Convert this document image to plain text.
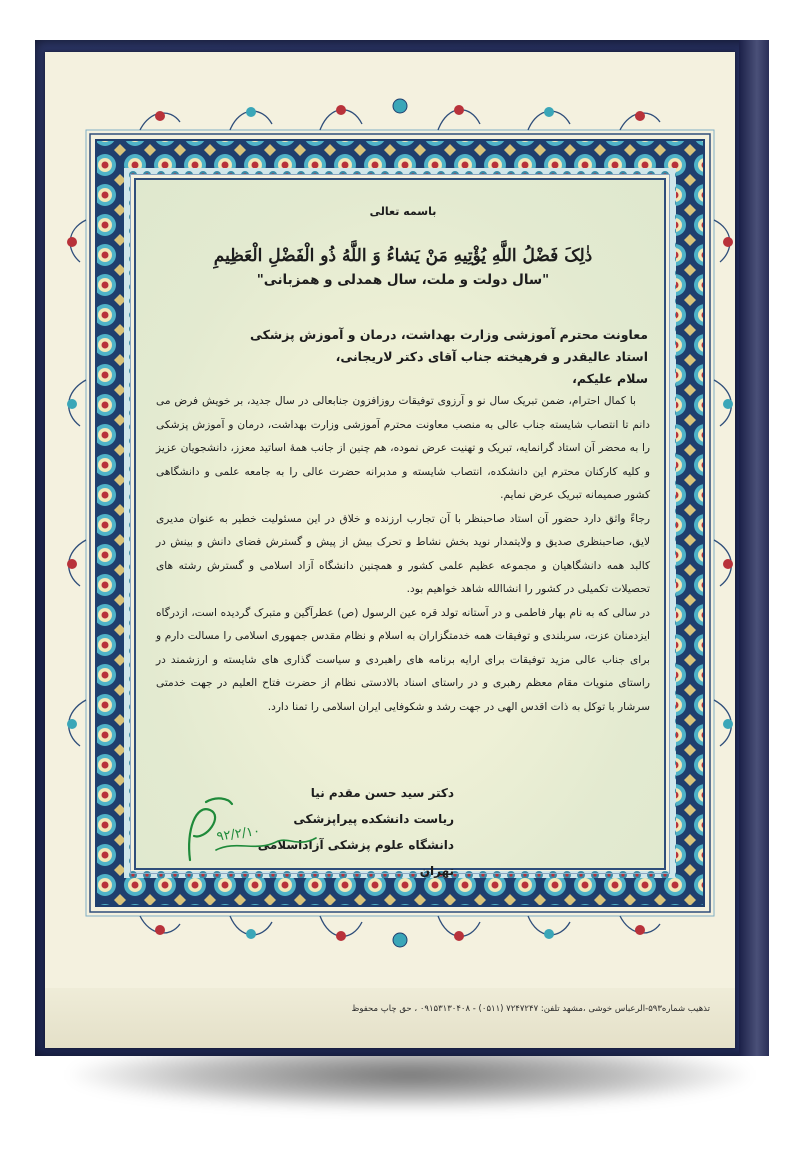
باسمه تعالی
ذٰلِکَ فَضْلُ اللَّهِ یُؤْتِیهِ مَنْ یَشاءُ وَ اللَّهُ ذُو الْفَضْلِ الْعَظِیمِ
"سال دولت و ملت، سال همدلی و همزبانی"
معاونت محترم آموزشی وزارت بهداشت، درمان و آموزش پزشکی
استاد عالیقدر و فرهیخته جناب آقای دکتر لاریجانی،
سلام علیکم،

با کمال احترام، ضمن تبریک سال نو و آرزوی توفیقات روزافزون جنابعالی در سال جدید، بر خویش فرض می دانم تا انتصاب شایسته جناب عالی به منصب معاونت محترم آموزشی وزارت بهداشت، درمان و آموزش پزشکی را به محضر آن استاد گرانمایه، تبریک و تهنیت عرض نموده، هم چنین از جانب همهٔ اساتید معزز، دانشجویان عزیز و کلیه کارکنان محترم این دانشکده، انتصاب شایسته و مدبرانه حضرت عالی را به جامعه علمی و دانشگاهی کشور صمیمانه تبریک عرض نمایم.

رجاءً واثق دارد حضور آن استاد صاحبنظر با آن تجارب ارزنده و خلاق در این مسئولیت خطیر به عنوان مدیری لایق، صاحبنظری صدیق و ولایتمدار نوید بخش نشاط و تحرک بیش از پیش و گسترش فضای دانش و بینش در کالبد همه دانشگاهیان و مجموعه عظیم علمی کشور و همچنین دانشگاه آزاد اسلامی و گسترش رشته های تحصیلات تکمیلی در کشور را انشاالله شاهد خواهیم بود.

در سالی که به نام بهار فاطمی و در آستانه تولد قره عین الرسول (ص) عطرآگین و متبرک گردیده است، ازدرگاه ایزدمنان عزت، سربلندی و توفیقات همه خدمتگزاران به اسلام و نظام مقدس جمهوری اسلامی را مسالت دارم و برای جناب عالی مزید توفیقات برای ارایه برنامه های راهبردی و سیاست گذاری های شایسته و ارزشمند در راستای منویات مقام معظم رهبری و در راستای اسناد بالادستی نظام از حضرت فتاح العلیم در جهت خدمتی سرشار با توکل به ذات اقدس الهی در جهت رشد و شکوفایی ایران اسلامی را تمنا دارد.

دکتر سید حسن مقدم نیا
ریاست دانشکده پیراپزشکی
دانشگاه علوم پزشکی آزاداسلامی تهران
۹۲/۲/۱۰
تذهیب شماره۵۹۳-الرعباس خوشی ،مشهد تلفن: ۷۲۴۷۲۴۷ (۰۵۱۱) - ۰۹۱۵۳۱۳۰۴۰۸ ، حق چاپ محفوظ
